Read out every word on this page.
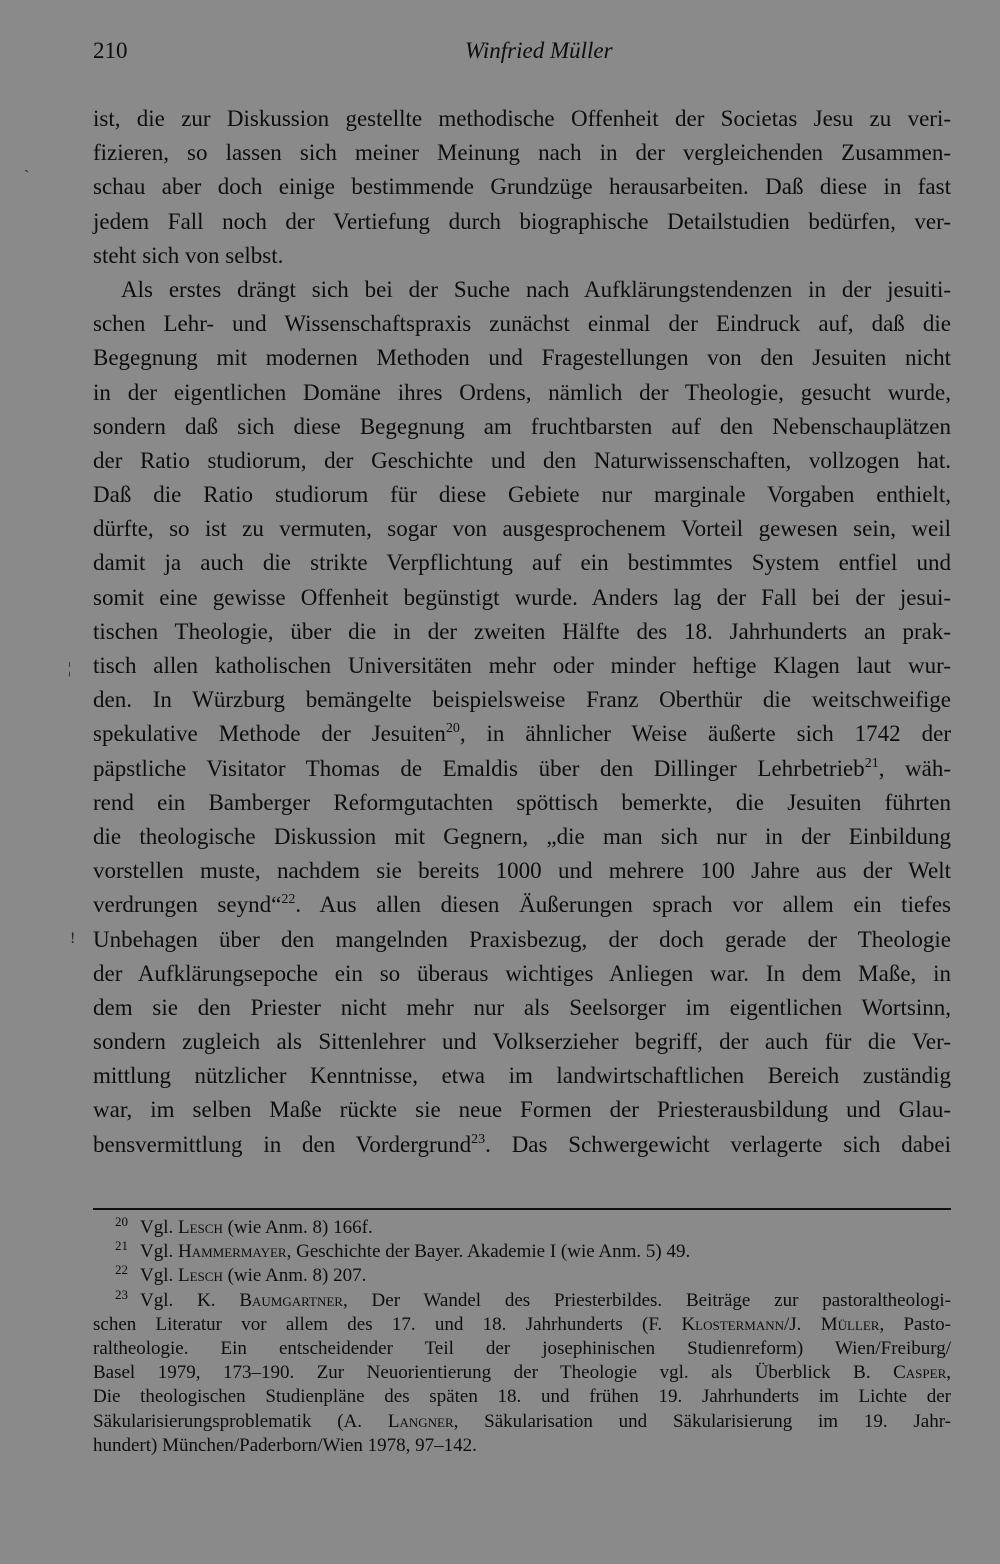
210	Winfried Müller
ist, die zur Diskussion gestellte methodische Offenheit der Societas Jesu zu veri-
fizieren, so lassen sich meiner Meinung nach in der vergleichenden Zusammen-
schau aber doch einige bestimmende Grundzüge herausarbeiten. Daß diese in fast
jedem Fall noch der Vertiefung durch biographische Detailstudien bedürfen, ver-
steht sich von selbst.
Als erstes drängt sich bei der Suche nach Aufklärungstendenzen in der jesuiti-
schen Lehr- und Wissenschaftspraxis zunächst einmal der Eindruck auf, daß die
Begegnung mit modernen Methoden und Fragestellungen von den Jesuiten nicht
in der eigentlichen Domäne ihres Ordens, nämlich der Theologie, gesucht wurde,
sondern daß sich diese Begegnung am fruchtbarsten auf den Nebenschauplätzen
der Ratio studiorum, der Geschichte und den Naturwissenschaften, vollzogen hat.
Daß die Ratio studiorum für diese Gebiete nur marginale Vorgaben enthielt,
dürfte, so ist zu vermuten, sogar von ausgesprochenem Vorteil gewesen sein, weil
damit ja auch die strikte Verpflichtung auf ein bestimmtes System entfiel und
somit eine gewisse Offenheit begünstigt wurde. Anders lag der Fall bei der jesui-
tischen Theologie, über die in der zweiten Hälfte des 18. Jahrhunderts an prak-
tisch allen katholischen Universitäten mehr oder minder heftige Klagen laut wur-
den. In Würzburg bemängelte beispielsweise Franz Oberthür die weitschweifige
spekulative Methode der Jesuiten$^{20}$, in ähnlicher Weise äußerte sich 1742 der
päpstliche Visitator Thomas de Emaldis über den Dillinger Lehrbetrieb$^{21}$, wäh-
rend ein Bamberger Reformgutachten spöttisch bemerkte, die Jesuiten führten
die theologische Diskussion mit Gegnern, „die man sich nur in der Einbildung
vorstellen muste, nachdem sie bereits 1000 und mehrere 100 Jahre aus der Welt
verdrungen seynd“$^{22}$. Aus allen diesen Äußerungen sprach vor allem ein tiefes
Unbehagen über den mangelnden Praxisbezug, der doch gerade der Theologie
der Aufklärungsepoche ein so überaus wichtiges Anliegen war. In dem Maße, in
dem sie den Priester nicht mehr nur als Seelsorger im eigentlichen Wortsinn,
sondern zugleich als Sittenlehrer und Volkserzieher begriff, der auch für die Ver-
mittlung nützlicher Kenntnisse, etwa im landwirtschaftlichen Bereich zuständig
war, im selben Maße rückte sie neue Formen der Priesterausbildung und Glau-
bensvermittlung in den Vordergrund$^{23}$. Das Schwergewicht verlagerte sich dabei
$^{20}$ Vgl. Lesch (wie Anm. 8) 166f.
$^{21}$ Vgl. Hammermayer, Geschichte der Bayer. Akademie I (wie Anm. 5) 49.
$^{22}$ Vgl. Lesch (wie Anm. 8) 207.
$^{23}$ Vgl. K. Baumgartner, Der Wandel des Priesterbildes. Beiträge zur pastoraltheologi-
schen Literatur vor allem des 17. und 18. Jahrhunderts (F. Klostermann/J. Müller, Pasto-
raltheologie. Ein entscheidender Teil der josephinischen Studienreform) Wien/Freiburg/
Basel 1979, 173–190. Zur Neuorientierung der Theologie vgl. als Überblick B. Casper,
Die theologischen Studienpläne des späten 18. und frühen 19. Jahrhunderts im Lichte der
Säkularisierungsproblematik (A. Langner, Säkularisation und Säkularisierung im 19. Jahr-
hundert) München/Paderborn/Wien 1978, 97–142.
`
¦
!
